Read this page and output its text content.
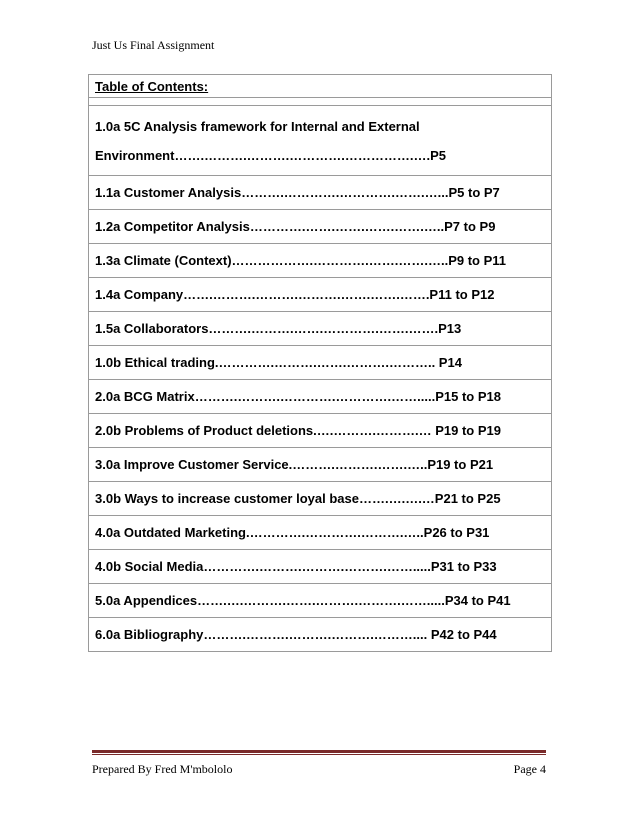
Just Us Final Assignment
Table of Contents:

1.0a 5C Analysis framework for Internal and External
Environment…….……….……….………….…………….….P5
1.1a Customer Analysis……….………….………….…….…...P5 to P7
1.2a Competitor Analysis………….…….…….…….…….…..P7 to P9
1.3a Climate (Context)……………….………….…….…….…..P9 to P11
1.4a Company…….……….……….……….…….…….…….P11 to P12
1.5a Collaborators……….……….…….………….…….…….P13
1.0b Ethical trading.………….……….…….……….……….. P14
2.0a BCG Matrix……….……….………….………….…….....P15 to P18
2.0b Problems of Product deletions.….……….……….… P19 to P19
3.0a Improve Customer Service.……….……….…….…..P19 to P21
3.0b Ways to increase customer loyal base…….….….…P21 to P25
4.0a Outdated Marketing.………….………….……….…..P26 to P31
4.0b Social Media………….……….……….……….…….....P31 to P33
5.0a Appendices…….….……….…….……….……….…….....P34 to P41
6.0a Bibliography……….……….……….……….……….... P42 to P44
Prepared By Fred M'mbololo	Page 4
